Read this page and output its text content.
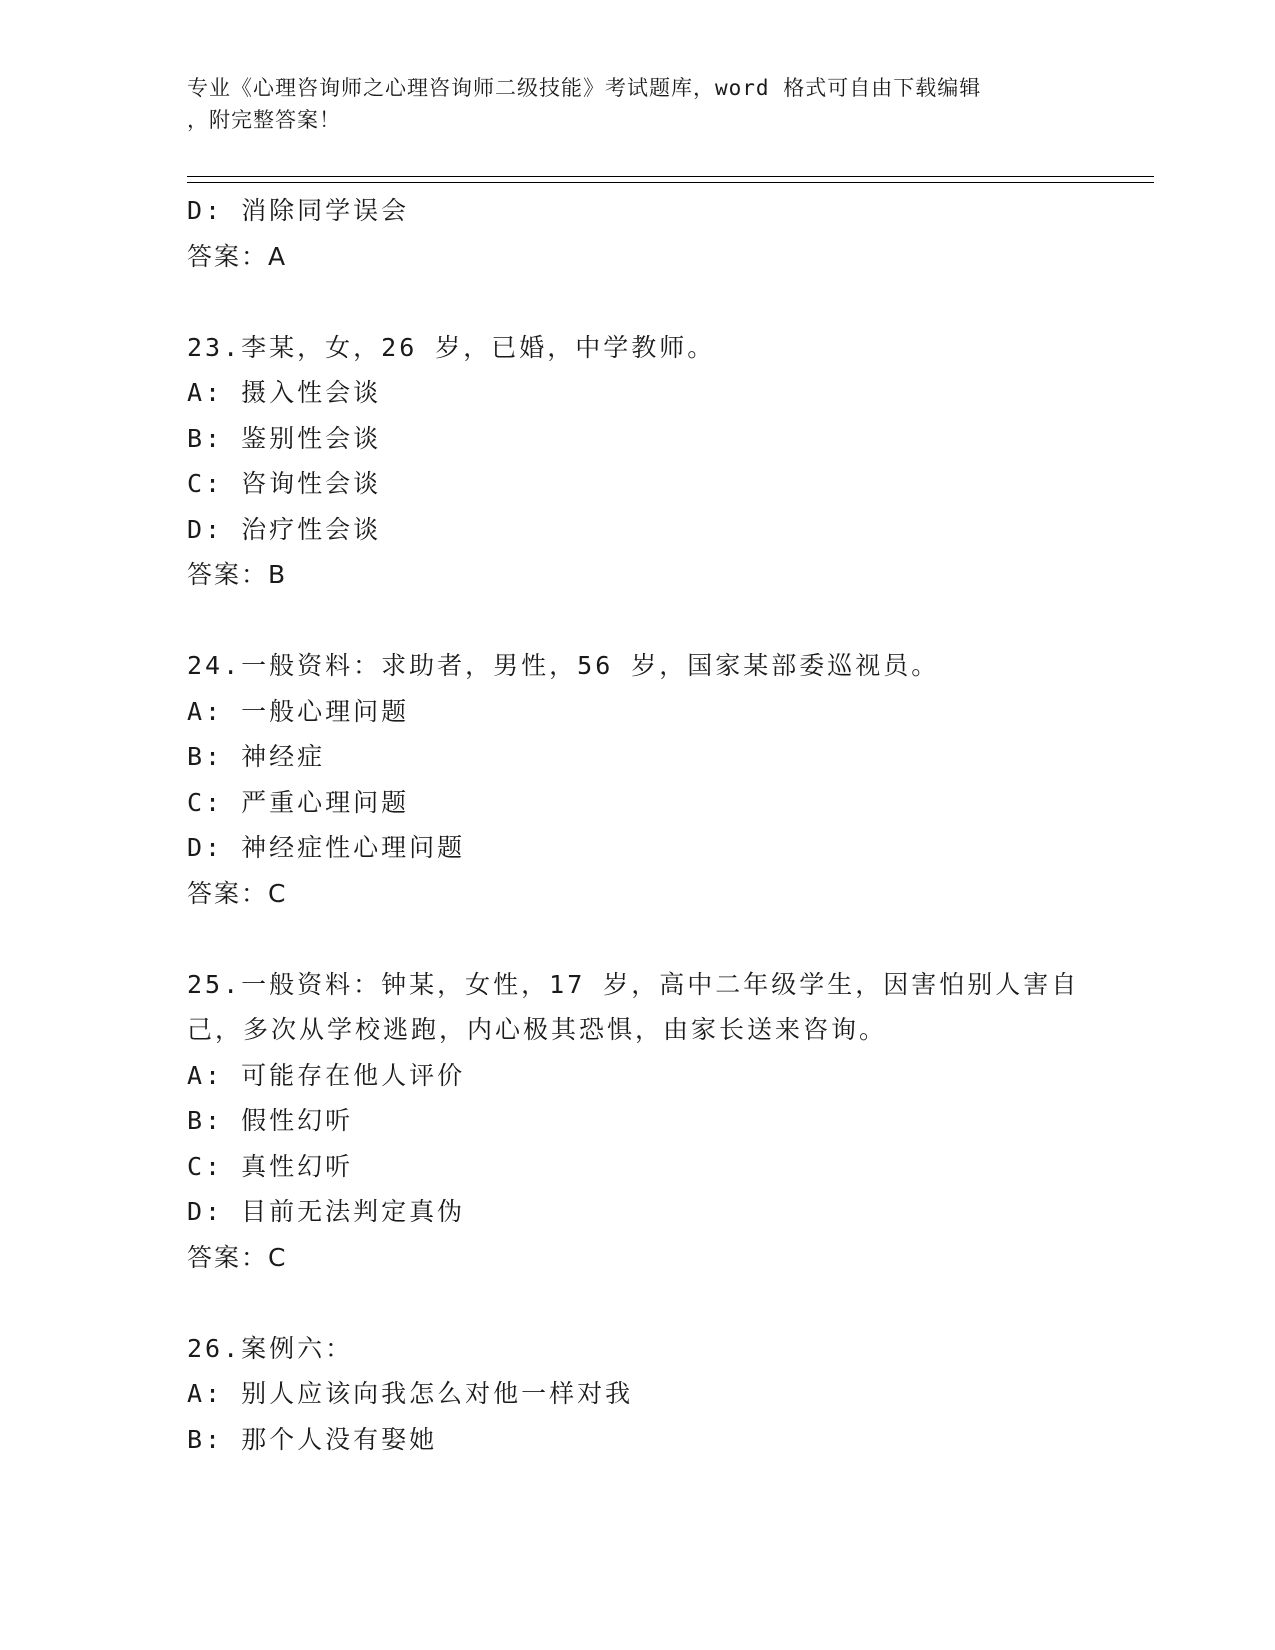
专业《心理咨询师之心理咨询师二级技能》考试题库，word 格式可自由下载编辑
，附完整答案！
D: 消除同学误会
答案：A
23.李某，女，26 岁，已婚，中学教师。
A: 摄入性会谈
B: 鉴别性会谈
C: 咨询性会谈
D: 治疗性会谈
答案：B
24.一般资料：求助者，男性，56 岁，国家某部委巡视员。
A: 一般心理问题
B: 神经症
C: 严重心理问题
D: 神经症性心理问题
答案：C
25.一般资料：钟某，女性，17 岁，高中二年级学生，因害怕别人害自
己，多次从学校逃跑，内心极其恐惧，由家长送来咨询。
A: 可能存在他人评价
B: 假性幻听
C: 真性幻听
D: 目前无法判定真伪
答案：C
26.案例六：
A: 别人应该向我怎么对他一样对我
B: 那个人没有娶她
